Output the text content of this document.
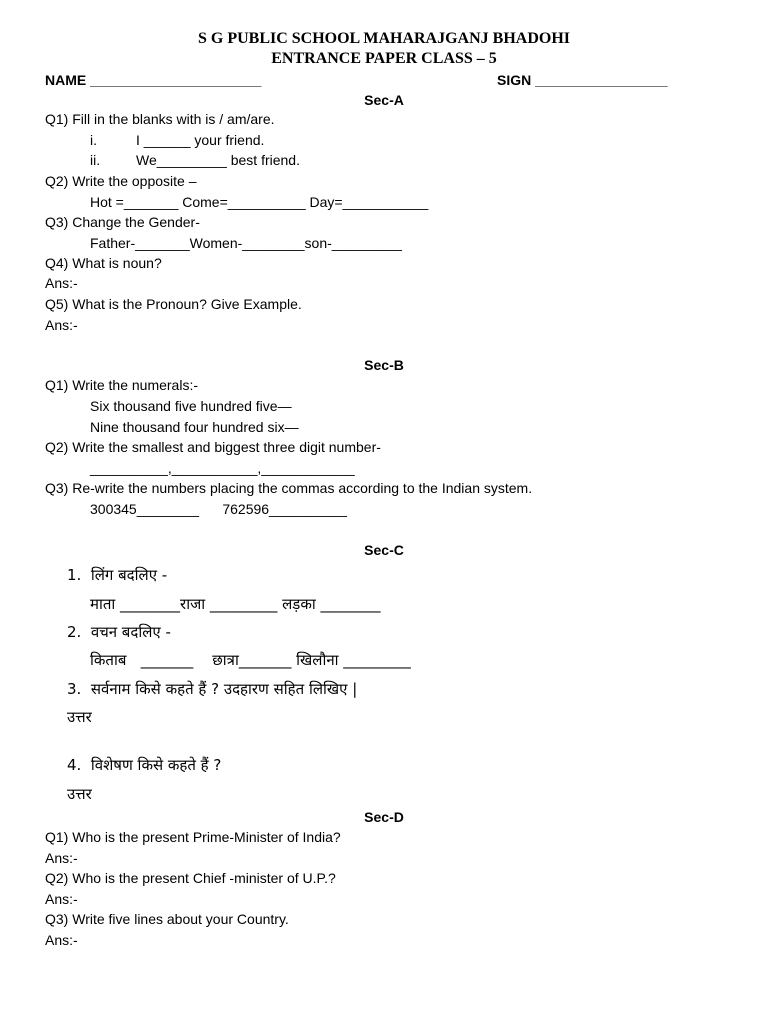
S G PUBLIC SCHOOL MAHARAJGANJ BHADOHI
ENTRANCE PAPER CLASS – 5
NAME ______________________	SIGN _________________
Sec-A
Q1) Fill in the blanks with is / am/are.
i.	I ______ your friend.
ii.	We_________ best friend.
Q2) Write the opposite –
Hot =_______ Come=__________ Day=___________
Q3) Change the Gender-
Father-_______Women-________son-_________
Q4) What is noun?
Ans:-
Q5) What is the Pronoun? Give Example.
Ans:-
Sec-B
Q1) Write the numerals:-
Six thousand five hundred five—
Nine thousand four hundred six—
Q2) Write the smallest and biggest three digit number-
__________,___________,____________
Q3) Re-write the numbers placing the commas according to the Indian system.
300345________      762596__________
Sec-C
1.  लिंग बदलिए -
माता ________राजा _________ लड़का ________
2.  वचन बदलिए -
किताब   _______    छात्रा_______ खिलौना _________
3.  सर्वनाम किसे कहते हैं ? उदहारण सहित लिखिए |
उत्तर
4.  विशेषण किसे कहते हैं ?
उत्तर
Sec-D
Q1) Who is the present Prime-Minister of India?
Ans:-
Q2) Who is the present Chief -minister of U.P.?
Ans:-
Q3) Write five lines about your Country.
Ans:-
